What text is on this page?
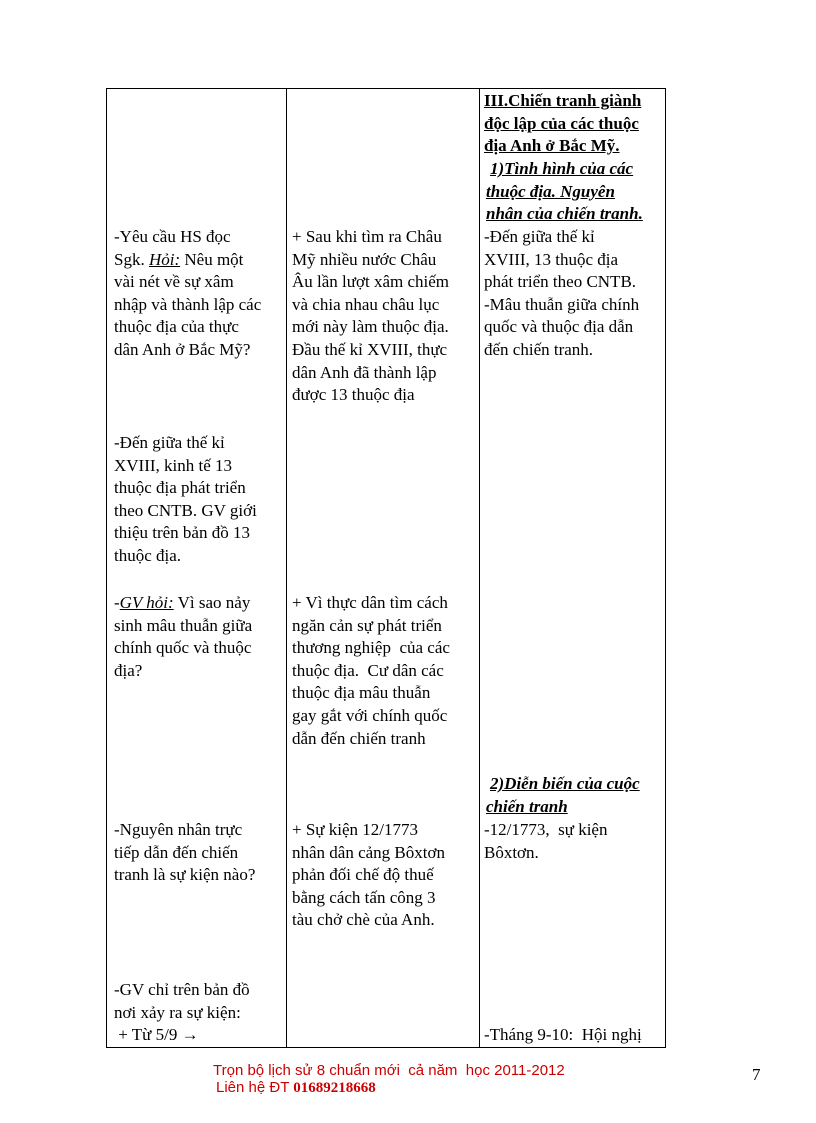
-Yêu cầu HS đọc
Sgk. Hỏi: Nêu một
vài nét về sự xâm
nhập và thành lập các
thuộc địa của thực
dân Anh ở Bắc Mỹ?
-Đến giữa thế kỉ
XVIII, kinh tế 13
thuộc địa phát triển
theo CNTB. GV giới
thiệu trên bản đồ 13
thuộc địa.
-GV hỏi: Vì sao nảy
sinh mâu thuẫn giữa
chính quốc và thuộc
địa?
-Nguyên nhân trực
tiếp dẫn đến chiến
tranh là sự kiện nào?
-GV chỉ trên bản đồ
nơi xảy ra sự kiện:
+ Từ 5/9 →
+ Sau khi tìm ra Châu
Mỹ nhiều nước Châu
Âu lần lượt xâm chiếm
và chia nhau châu lục
mới này làm thuộc địa.
Đầu thế kỉ XVIII, thực
dân Anh đã thành lập
được 13 thuộc địa
+ Vì thực dân tìm cách
ngăn cản sự phát triển
thương nghiệp  của các
thuộc địa.  Cư dân các
thuộc địa mâu thuẫn
gay gắt với chính quốc
dẫn đến chiến tranh
+ Sự kiện 12/1773
nhân dân cảng Bôxtơn
phản đối chế độ thuế
bằng cách tấn công 3
tàu chở chè của Anh.
III.Chiến tranh giành
độc lập của các thuộc
địa Anh ở Bắc Mỹ.
1)Tình hình của các
thuộc địa. Nguyên
nhân của chiến tranh.
-Đến giữa thế kỉ
XVIII, 13 thuộc địa
phát triển theo CNTB.
-Mâu thuẫn giữa chính
quốc và thuộc địa dẫn
đến chiến tranh.
2)Diễn biến của cuộc
chiến tranh
-12/1773,  sự kiện
Bôxtơn.
-Tháng 9-10:  Hội nghị
Trọn bộ lịch sử 8 chuẩn mới  cả năm  học 2011-2012
Liên hệ ĐT 01689218668
7
